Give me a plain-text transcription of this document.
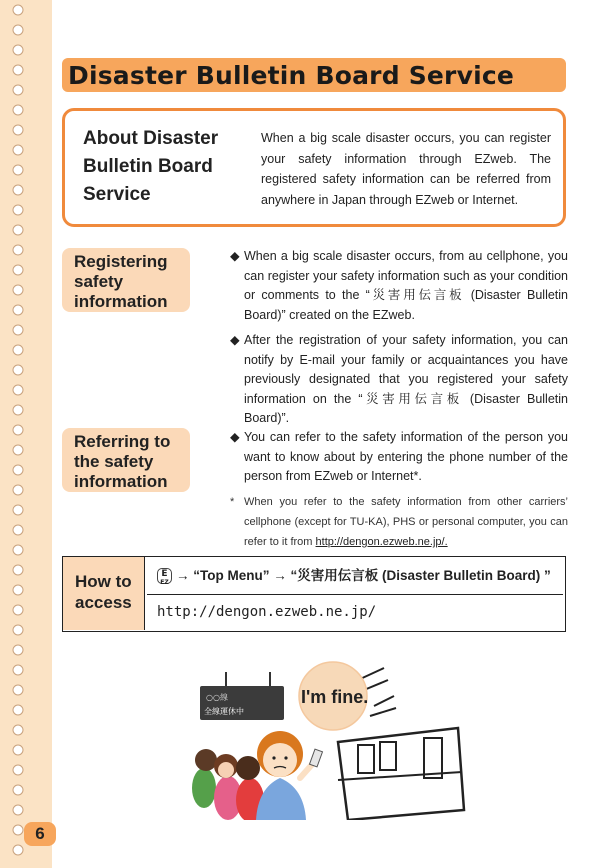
Disaster Bulletin Board Service
About Disaster Bulletin Board Service
When a big scale disaster occurs, you can register your safety information through EZweb. The registered safety information can be referred from anywhere in Japan through EZweb or Internet.
Registering safety information
◆ When a big scale disaster occurs, from au cellphone, you can register your safety information such as your condition or comments to the “災害用伝言板 (Disaster Bulletin Board)” created on the EZweb.
◆ After the registration of your safety information, you can notify by E-mail your family or acquaintances you have previously designated that you registered your safety information on the “災害用伝言板 (Disaster Bulletin Board)”.
Referring to the safety information
◆ You can refer to the safety information of the person you want to know about by entering the phone number of the person from EZweb or Internet*.
* When you refer to the safety information from other carriers’ cellphone (except for TU-KA), PHS or personal computer, you can refer to it from http://dengon.ezweb.ne.jp/.
How to access
E
EZ → “Top Menu” → “災害用伝言板 (Disaster Bulletin Board) ”
http://dengon.ezweb.ne.jp/
○○線
全線運休中
I'm fine.
6
